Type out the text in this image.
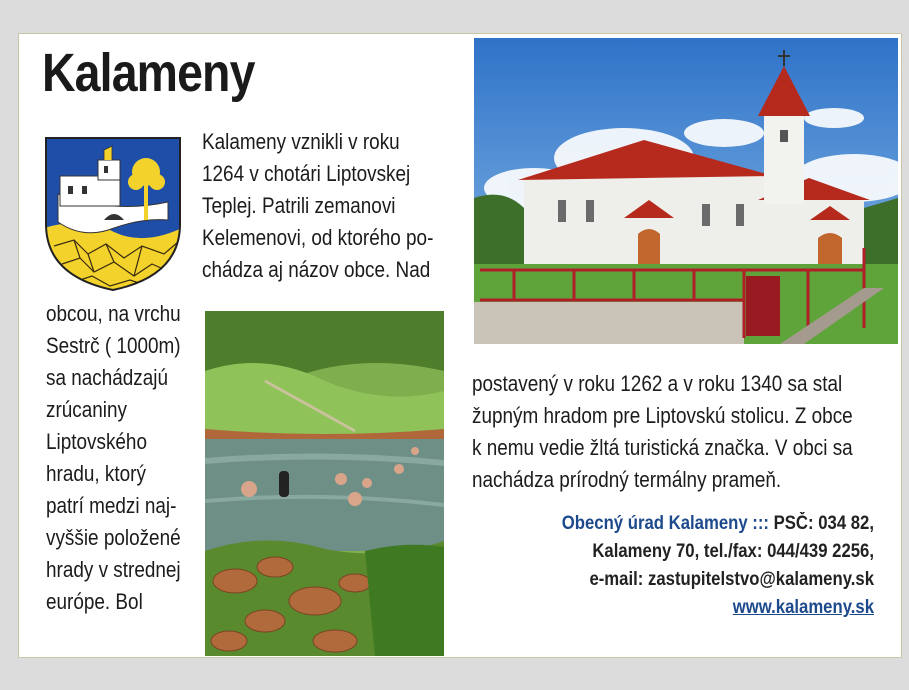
Kalameny
Kalameny vznikli v roku
1264 v chotári Liptovskej
Teplej. Patrili zemanovi
Kelemenovi, od ktorého po-
chádza aj názov obce. Nad
obcou, na vrchu
Sestrč ( 1000m)
sa nachádzajú
zrúcaniny
Liptovského
hradu, ktorý
patrí medzi naj-
vyššie položené
hrady v strednej
európe. Bol
postavený v roku 1262 a v roku 1340 sa stal
župným hradom pre Liptovskú stolicu. Z obce
k nemu vedie žltá turistická značka. V obci sa
nachádza prírodný termálny prameň.
Obecný úrad Kalameny ::: PSČ: 034 82,
Kalameny 70, tel./fax: 044/439 2256,
e-mail: zastupitelstvo@kalameny.sk
www.kalameny.sk
